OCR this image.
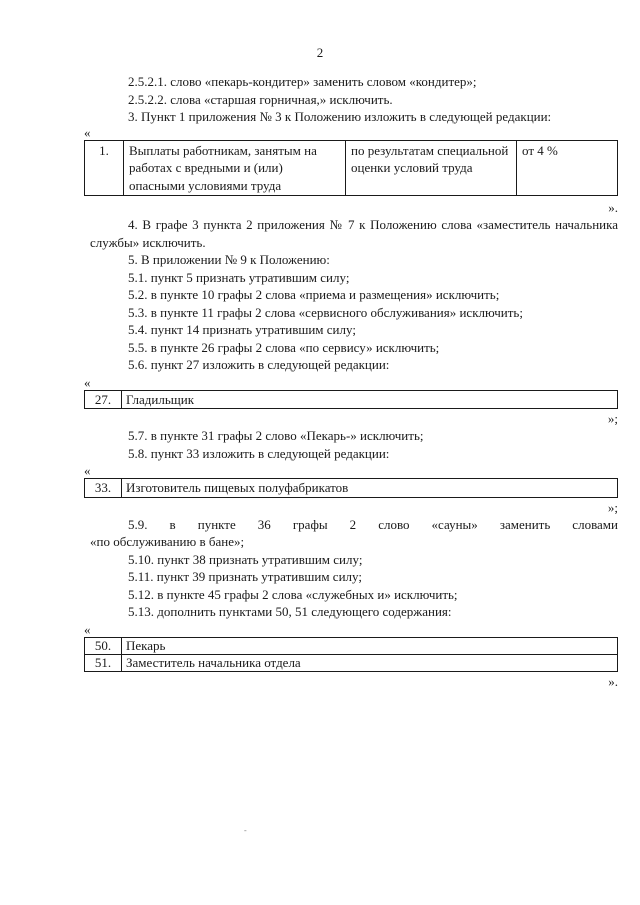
2

2.5.2.1. слово «пекарь-кондитер» заменить словом «кондитер»;

2.5.2.2. слова «старшая горничная,» исключить.

3. Пункт 1 приложения № 3 к Положению изложить в следующей редакции:

«

1.	Выплаты работникам, занятым на работах с вредными и (или) опасными условиями труда	по результатам специальной оценки условий труда	от 4 %

».

4. В графе 3 пункта 2 приложения № 7 к Положению слова «заместитель начальника службы» исключить.

5. В приложении № 9 к Положению:

5.1. пункт 5 признать утратившим силу;

5.2. в пункте 10 графы 2 слова «приема и размещения» исключить;

5.3. в пункте 11 графы 2 слова «сервисного обслуживания» исключить;

5.4. пункт 14 признать утратившим силу;

5.5. в пункте 26 графы 2 слова «по сервису» исключить;

5.6. пункт 27 изложить в следующей редакции:

«

27.	Гладильщик

»;

5.7. в пункте 31 графы 2 слово «Пекарь-» исключить;

5.8. пункт 33 изложить в следующей редакции:

«

33.	Изготовитель пищевых полуфабрикатов

»;

5.9. в пункте 36 графы 2 слово «сауны» заменить словами

«по обслуживанию в бане»;

5.10. пункт 38 признать утратившим силу;

5.11. пункт 39 признать утратившим силу;

5.12. в пункте 45 графы 2 слова «служебных и» исключить;

5.13. дополнить пунктами 50, 51 следующего содержания:

«

50.	Пекарь
51.	Заместитель начальника отдела

».

-
